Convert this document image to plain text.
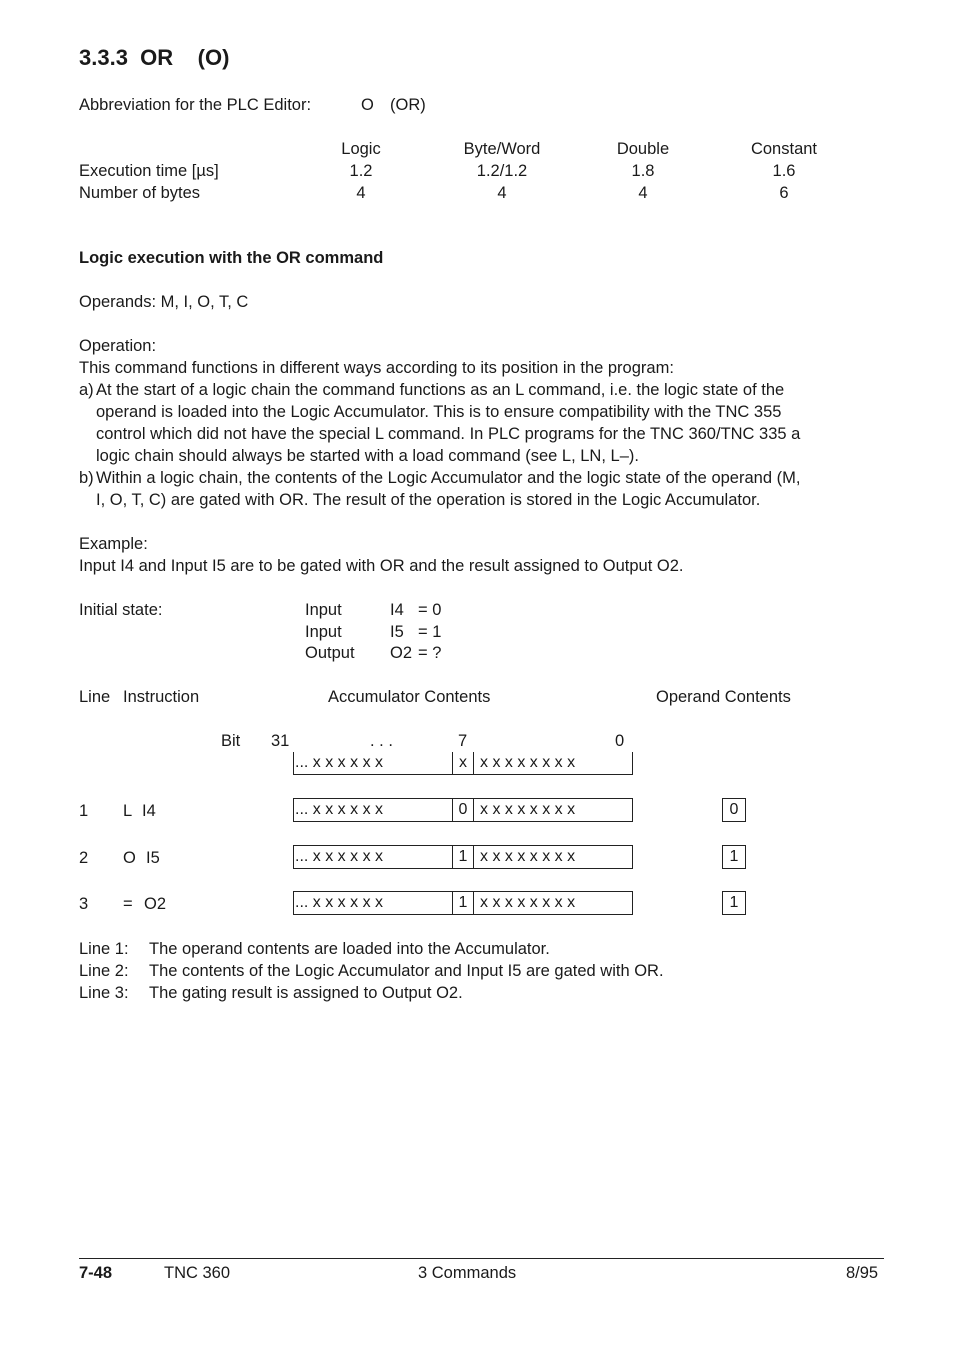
3.3.3 OR (O)
Abbreviation for the PLC Editor:	O (OR)
Logic	Byte/Word	Double	Constant
Execution time [µs]	1.2	1.2/1.2	1.8	1.6
Number of bytes	4	4	4	6
Logic execution with the OR command
Operands: M, I, O, T, C
Operation:
This command functions in different ways according to its position in the program:
a) At the start of a logic chain the command functions as an L command, i.e. the logic state of the
operand is loaded into the Logic Accumulator. This is to ensure compatibility with the TNC 355
control which did not have the special L command. In PLC programs for the TNC 360/TNC 335 a
logic chain should always be started with a load command (see L, LN, L–).
b) Within a logic chain, the contents of the Logic Accumulator and the logic state of the operand (M,
I, O, T, C) are gated with OR. The result of the operation is stored in the Logic Accumulator.
Example:
Input I4 and Input I5 are to be gated with OR and the result assigned to Output O2.
Initial state:	Input	I4 = 0
Input	I5 = 1
Output O2 = ?
Line Instruction	Accumulator Contents	Operand Contents
Bit 31	. . .	7	0
... x x x x x x	x x x x x x x x x
1 L I4	... x x x x x x	0 x x x x x x x x	0
2 O I5	... x x x x x x	1 x x x x x x x x	1
3 = O2	... x x x x x x	1 x x x x x x x x	1
Line 1: The operand contents are loaded into the Accumulator.
Line 2: The contents of the Logic Accumulator and Input I5 are gated with OR.
Line 3: The gating result is assigned to Output O2.
7-48	TNC 360	3 Commands	8/95
